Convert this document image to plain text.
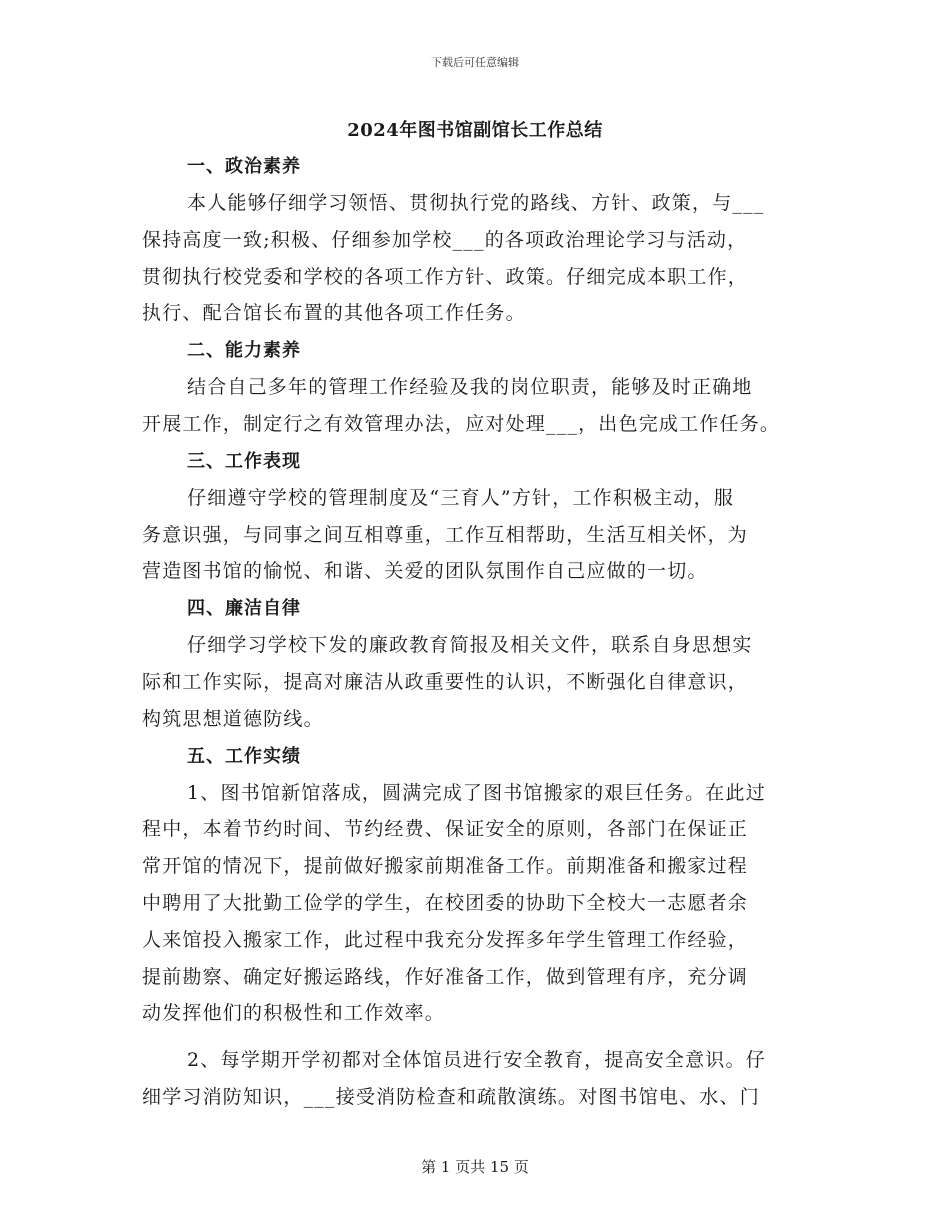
下载后可任意编辑
2024年图书馆副馆长工作总结
一、政治素养
本人能够仔细学习领悟、贯彻执行党的路线、方针、政策，与___
保持高度一致;积极、仔细参加学校___的各项政治理论学习与活动，
贯彻执行校党委和学校的各项工作方针、政策。仔细完成本职工作，
执行、配合馆长布置的其他各项工作任务。
二、能力素养
结合自己多年的管理工作经验及我的岗位职责，能够及时正确地
开展工作，制定行之有效管理办法，应对处理___，出色完成工作任务。
三、工作表现
仔细遵守学校的管理制度及“三育人”方针，工作积极主动，服
务意识强，与同事之间互相尊重，工作互相帮助，生活互相关怀，为
营造图书馆的愉悦、和谐、关爱的团队氛围作自己应做的一切。
四、廉洁自律
仔细学习学校下发的廉政教育简报及相关文件，联系自身思想实
际和工作实际，提高对廉洁从政重要性的认识，不断强化自律意识，
构筑思想道德防线。
五、工作实绩
1、图书馆新馆落成，圆满完成了图书馆搬家的艰巨任务。在此过
程中，本着节约时间、节约经费、保证安全的原则，各部门在保证正
常开馆的情况下，提前做好搬家前期准备工作。前期准备和搬家过程
中聘用了大批勤工俭学的学生，在校团委的协助下全校大一志愿者余
人来馆投入搬家工作，此过程中我充分发挥多年学生管理工作经验，
提前勘察、确定好搬运路线，作好准备工作，做到管理有序，充分调
动发挥他们的积极性和工作效率。
2、每学期开学初都对全体馆员进行安全教育，提高安全意识。仔
细学习消防知识，___接受消防检查和疏散演练。对图书馆电、水、门
第 1 页共 15 页
